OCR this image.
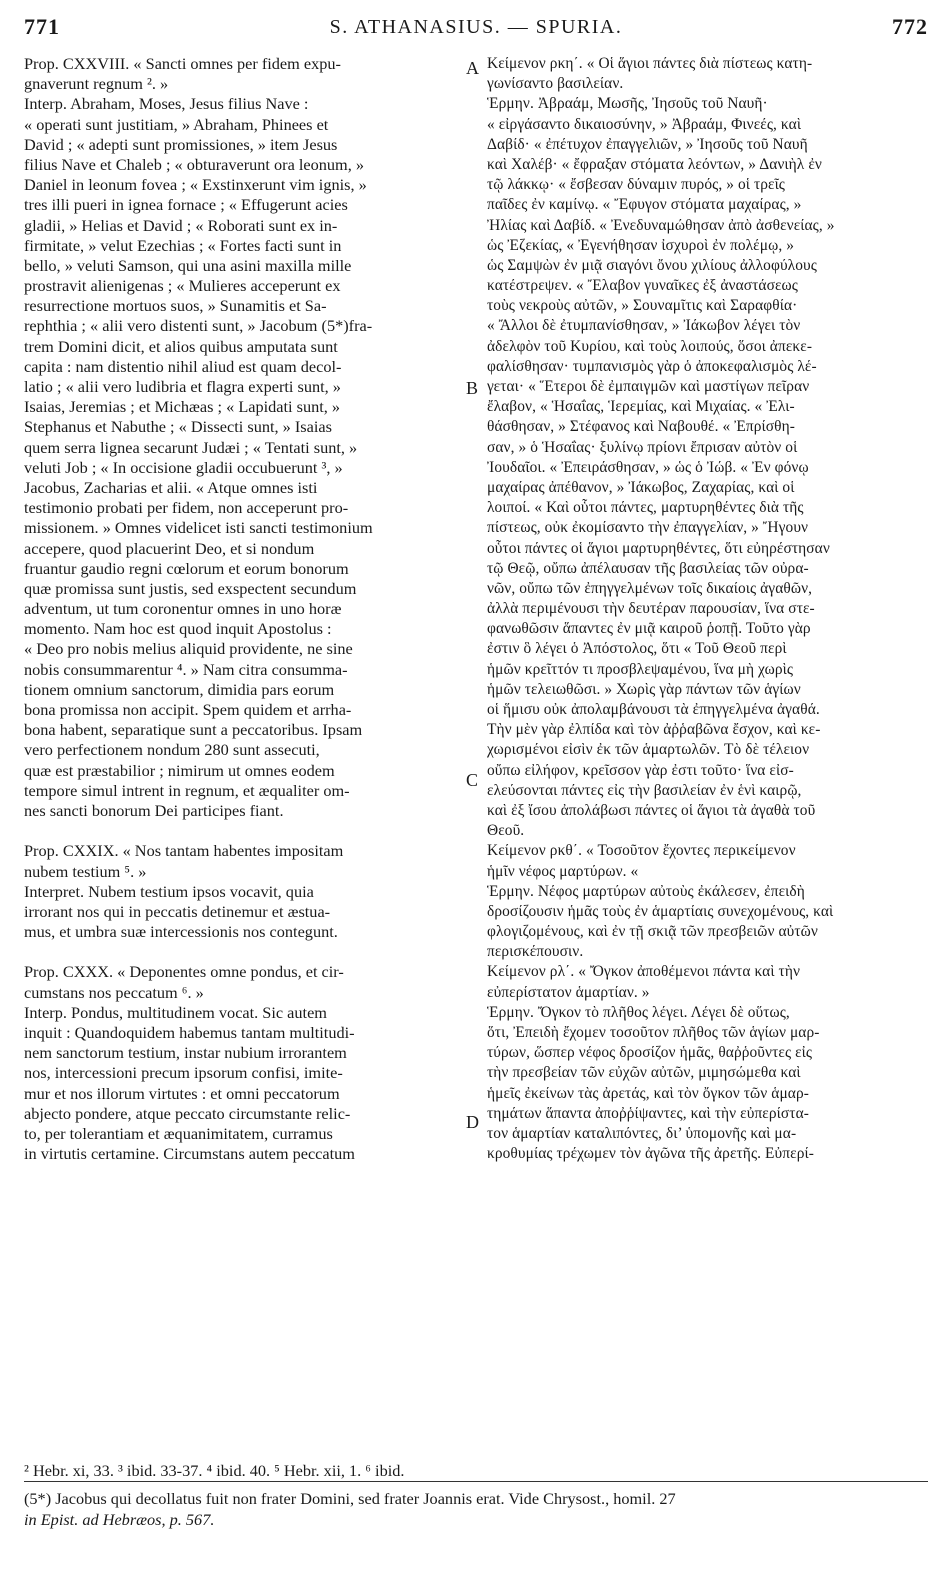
771	S. ATHANASIUS. — SPURIA.	772
Prop. CXXVIII. « Sancti omnes per fidem expu-
gnaverunt regnum ². »
Interp. Abraham, Moses, Jesus filius Nave :
« operati sunt justitiam, » Abraham, Phinees et
David ; « adepti sunt promissiones, » item Jesus
filius Nave et Chaleb ; « obturaverunt ora leonum, »
Daniel in leonum fovea ; « Exstinxerunt vim ignis, »
tres illi pueri in ignea fornace ; « Effugerunt acies
gladii, » Helias et David ; « Roborati sunt ex in-
firmitate, » velut Ezechias ; « Fortes facti sunt in
bello, » veluti Samson, qui una asini maxilla mille
prostravit alienigenas ; « Mulieres acceperunt ex
resurrectione mortuos suos, » Sunamitis et Sa-
rephthia ; « alii vero distenti sunt, » Jacobum (5*)fra-
trem Domini dicit, et alios quibus amputata sunt
capita : nam distentio nihil aliud est quam decol-
latio ; « alii vero ludibria et flagra experti sunt, »
Isaias, Jeremias ; et Michæas ; « Lapidati sunt, »
Stephanus et Nabuthe ; « Dissecti sunt, » Isaias
quem serra lignea secarunt Judæi ; « Tentati sunt, »
veluti Job ; « In occisione gladii occubuerunt ³, »
Jacobus, Zacharias et alii. « Atque omnes isti
testimonio probati per fidem, non acceperunt pro-
missionem. » Omnes videlicet isti sancti testimonium
accepere, quod placuerint Deo, et si nondum
fruantur gaudio regni cœlorum et eorum bonorum
quæ promissa sunt justis, sed exspectent secundum
adventum, ut tum coronentur omnes in uno horæ
momento. Nam hoc est quod inquit Apostolus :
« Deo pro nobis melius aliquid providente, ne sine
nobis consummarentur ⁴. » Nam citra consumma-
tionem omnium sanctorum, dimidia pars eorum
bona promissa non accipit. Spem quidem et arrha-
bona habent, separatique sunt a peccatoribus. Ipsam
vero perfectionem nondum 280 sunt assecuti,
quæ est præstabilior ; nimirum ut omnes eodem
tempore simul intrent in regnum, et æqualiter om-
nes sancti bonorum Dei participes fiant.
Prop. CXXIX. « Nos tantam habentes impositam
nubem testium ⁵. »
Interpret. Nubem testium ipsos vocavit, quia
irrorant nos qui in peccatis detinemur et æstua-
mus, et umbra suæ intercessionis nos contegunt.
Prop. CXXX. « Deponentes omne pondus, et cir-
cumstans nos peccatum ⁶. »
Interp. Pondus, multitudinem vocat. Sic autem
inquit : Quandoquidem habemus tantam multitudi-
nem sanctorum testium, instar nubium irrorantem
nos, intercessioni precum ipsorum confisi, imite-
mur et nos illorum virtutes : et omni peccatorum
abjecto pondere, atque peccato circumstante relic-
to, per tolerantiam et æquanimitatem, curramus
in virtutis certamine. Circumstans autem peccatum
Κείμενον ρκη΄. « Οἱ ἅγιοι πάντες διὰ πίστεως κατη-
γωνίσαντο βασιλείαν.
Ἑρμην. Ἀβραάμ, Μωσῆς, Ἰησοῦς τοῦ Ναυῆ·
« εἰργάσαντο δικαιοσύνην, » Ἀβραάμ, Φινεές, καὶ
Δαβίδ· « ἐπέτυχον ἐπαγγελιῶν, » Ἰησοῦς τοῦ Ναυῆ
καὶ Χαλέβ· « ἔφραξαν στόματα λεόντων, » Δανιὴλ ἐν
τῷ λάκκῳ· « ἔσβεσαν δύναμιν πυρός, » οἱ τρεῖς
παῖδες ἐν καμίνῳ. « Ἔφυγον στόματα μαχαίρας, »
Ἠλίας καὶ Δαβίδ. « Ἐνεδυναμώθησαν ἀπὸ ἀσθενείας, »
ὡς Ἐζεκίας, « Ἐγενήθησαν ἰσχυροὶ ἐν πολέμῳ, »
ὡς Σαμψὼν ἐν μιᾷ σιαγόνι ὄνου χιλίους ἀλλοφύλους
κατέστρεψεν. « Ἔλαβον γυναῖκες ἐξ ἀναστάσεως
τοὺς νεκροὺς αὐτῶν, » Σουναμῖτις καὶ Σαραφθία·
« Ἄλλοι δὲ ἐτυμπανίσθησαν, » Ἰάκωβον λέγει τὸν
ἀδελφὸν τοῦ Κυρίου, καὶ τοὺς λοιπούς, ὅσοι ἀπεκε-
φαλίσθησαν· τυμπανισμὸς γὰρ ὁ ἀποκεφαλισμὸς λέ-
γεται· « Ἕτεροι δὲ ἐμπαιγμῶν καὶ μαστίγων πεῖραν
ἔλαβον, « Ἡσαΐας, Ἱερεμίας, καὶ Μιχαίας. « Ἐλι-
θάσθησαν, » Στέφανος καὶ Ναβουθέ. « Ἐπρίσθη-
σαν, » ὁ Ἡσαΐας· ξυλίνῳ πρίονι ἔπρισαν αὐτὸν οἱ
Ἰουδαῖοι. « Ἐπειράσθησαν, » ὡς ὁ Ἰώβ. « Ἐν φόνῳ
μαχαίρας ἀπέθανον, » Ἰάκωβος, Ζαχαρίας, καὶ οἱ
λοιποί. « Καὶ οὗτοι πάντες, μαρτυρηθέντες διὰ τῆς
πίστεως, οὐκ ἐκομίσαντο τὴν ἐπαγγελίαν, » Ἤγουν
οὗτοι πάντες οἱ ἅγιοι μαρτυρηθέντες, ὅτι εὐηρέστησαν
τῷ Θεῷ, οὔπω ἀπέλαυσαν τῆς βασιλείας τῶν οὐρα-
νῶν, οὔπω τῶν ἐπηγγελμένων τοῖς δικαίοις ἀγαθῶν,
ἀλλὰ περιμένουσι τὴν δευτέραν παρουσίαν, ἵνα στε-
φανωθῶσιν ἅπαντες ἐν μιᾷ καιροῦ ῥοπῇ. Τοῦτο γὰρ
ἐστιν ὃ λέγει ὁ Ἀπόστολος, ὅτι « Τοῦ Θεοῦ περὶ
ἡμῶν κρεῖττόν τι προσβλεψαμένου, ἵνα μὴ χωρὶς
ἡμῶν τελειωθῶσι. » Χωρὶς γὰρ πάντων τῶν ἁγίων
οἱ ἥμισυ οὐκ ἀπολαμβάνουσι τὰ ἐπηγγελμένα ἀγαθά.
Τὴν μὲν γὰρ ἐλπίδα καὶ τὸν ἀῤῥαβῶνα ἔσχον, καὶ κε-
χωρισμένοι εἰσὶν ἐκ τῶν ἁμαρτωλῶν. Τὸ δὲ τέλειον
οὔπω εἰλήφον, κρεῖσσον γὰρ ἐστι τοῦτο· ἵνα εἰσ-
ελεύσονται πάντες εἰς τὴν βασιλείαν ἐν ἑνὶ καιρῷ,
καὶ ἐξ ἴσου ἀπολάβωσι πάντες οἱ ἅγιοι τὰ ἀγαθὰ τοῦ
Θεοῦ.
Κείμενον ρκθ΄. « Τοσοῦτον ἔχοντες περικείμενον
ἡμῖν νέφος μαρτύρων. «
Ἑρμην. Νέφος μαρτύρων αὐτοὺς ἐκάλεσεν, ἐπειδὴ
δροσίζουσιν ἡμᾶς τοὺς ἐν ἁμαρτίαις συνεχομένους, καὶ
φλογιζομένους, καὶ ἐν τῇ σκιᾷ τῶν πρεσβειῶν αὐτῶν
περισκέπουσιν.
Κείμενον ρλ΄. « Ὄγκον ἀποθέμενοι πάντα καὶ τὴν
εὐπερίστατον ἁμαρτίαν. »
Ἑρμην. Ὄγκον τὸ πλῆθος λέγει. Λέγει δὲ οὕτως,
ὅτι, Ἐπειδὴ ἔχομεν τοσοῦτον πλῆθος τῶν ἁγίων μαρ-
τύρων, ὥσπερ νέφος δροσίζον ἡμᾶς, θαῤῥοῦντες εἰς
τὴν πρεσβείαν τῶν εὐχῶν αὐτῶν, μιμησώμεθα καὶ
ἡμεῖς ἐκείνων τὰς ἀρετάς, καὶ τὸν ὄγκον τῶν ἁμαρ-
τημάτων ἅπαντα ἀποῤῥίψαντες, καὶ τὴν εὐπερίστα-
τον ἁμαρτίαν καταλιπόντες, δι’ ὑπομονῆς καὶ μα-
κροθυμίας τρέχωμεν τὸν ἀγῶνα τῆς ἀρετῆς. Εὐπερί-
A
B
C
D
² Hebr. xi, 33. ³ ibid. 33-37. ⁴ ibid. 40. ⁵ Hebr. xii, 1. ⁶ ibid.
(5*) Jacobus qui decollatus fuit non frater Domini, sed frater Joannis erat. Vide Chrysost., homil. 27
in Epist. ad Hebræos, p. 567.
